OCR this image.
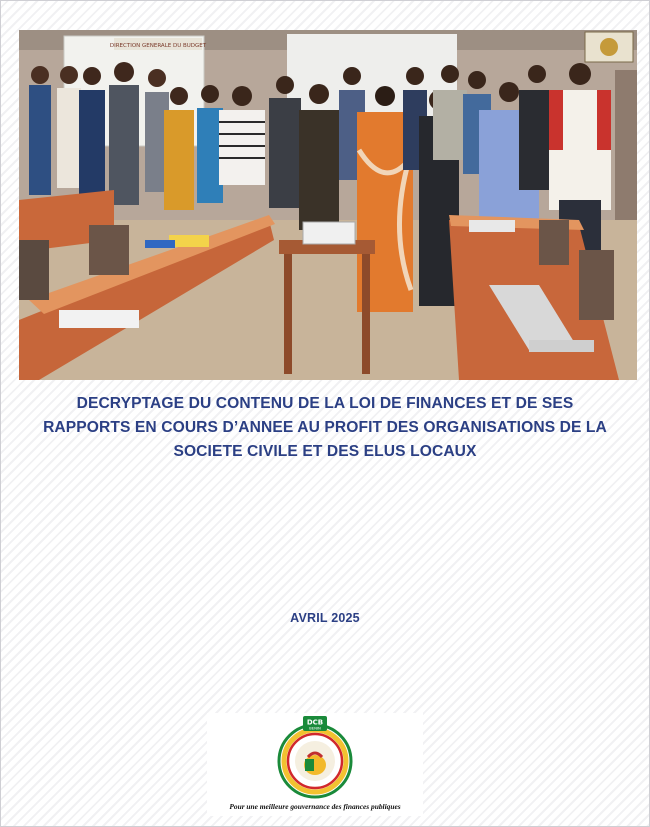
DIRECTION GENERALE DU BUDGET
DECRYPTAGE DU CONTENU DE LA LOI DE FINANCES ET DE SES
RAPPORTS EN COURS D’ANNEE AU PROFIT DES ORGANISATIONS DE LA
SOCIETE CIVILE ET DES ELUS LOCAUX
AVRIL 2025
DCB
BENIN
Pour une meilleure gouvernance des finances publiques
